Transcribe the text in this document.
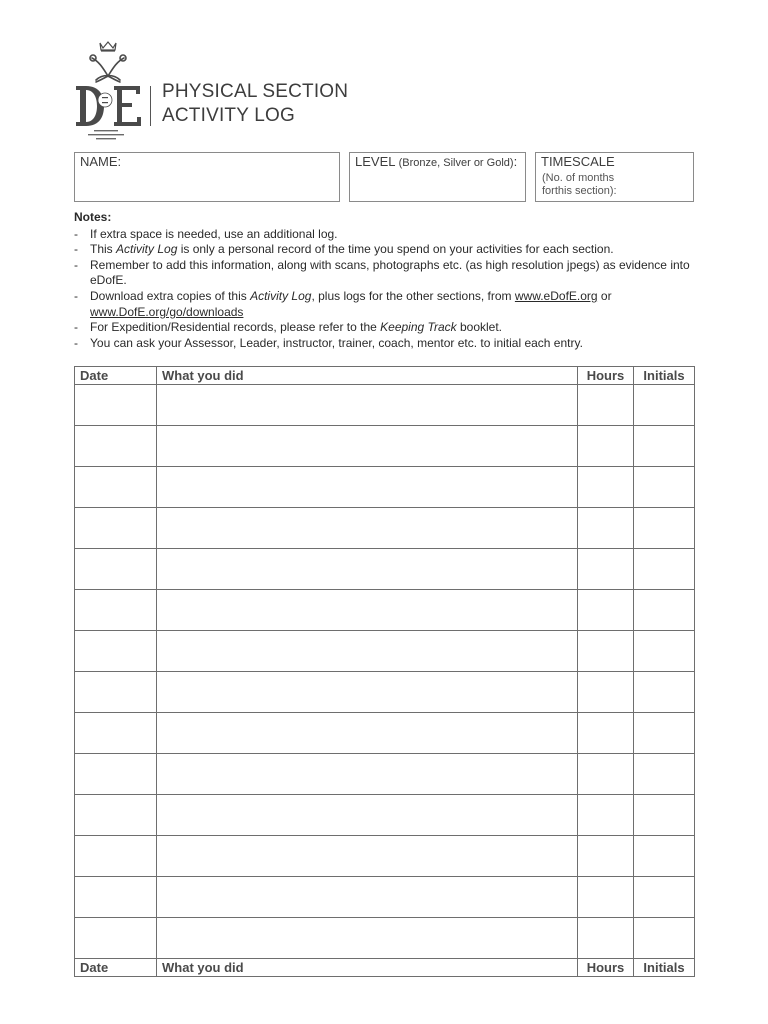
PHYSICAL SECTION
ACTIVITY LOG
NAME:	LEVEL (Bronze, Silver or Gold): TIMESCALE
(No. of months
forthis section):
Notes:
- If extra space is needed, use an additional log.
- This Activity Log is only a personal record of the time you spend on your activities for each section.
- Remember to add this information, along with scans, photographs etc. (as high resolution jpegs) as evidence into eDofE.
- Download extra copies of this Activity Log, plus logs for the other sections, from www.eDofE.org or www.DofE.org/go/downloads
- For Expedition/Residential records, please refer to the Keeping Track booklet.
- You can ask your Assessor, Leader, instructor, trainer, coach, mentor etc. to initial each entry.
Date	What you did	Hours	Initials

Date	What you did	Hours	Initials
